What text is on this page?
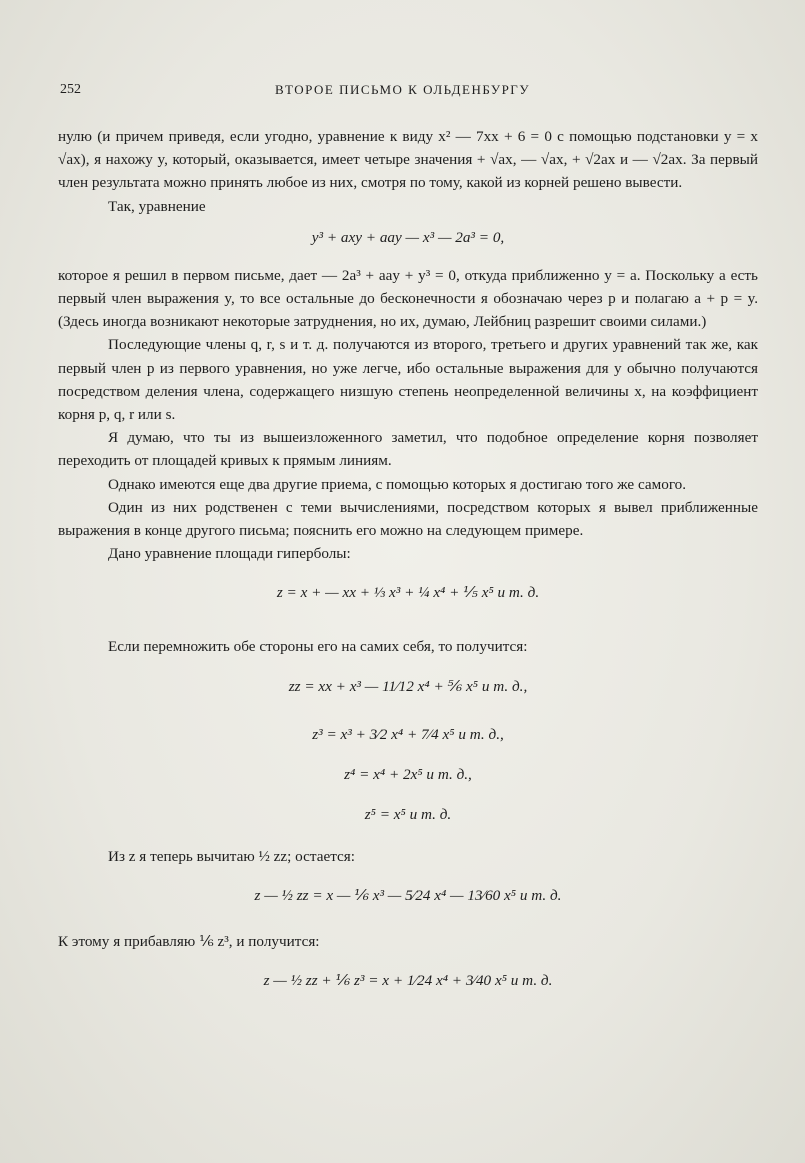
252	ВТОРОЕ ПИСЬМО К ОЛЬДЕНБУРГУ

нулю (и причем приведя, если угодно, уравнение к виду x² — 7xx + 6 = 0 с помощью подстановки y = x √ax), я нахожу y, который, оказывается, имеет четыре значения + √ax, — √ax, + √2ax и — √2ax. За первый член результата можно принять любое из них, смотря по тому, какой из корней решено вывести.

Так, уравнение

y³ + axy + aay — x³ — 2a³ = 0,

которое я решил в первом письме, дает — 2a³ + aay + y³ = 0, откуда приближенно y = a. Поскольку a есть первый член выражения y, то все остальные до бесконечности я обозначаю через p и полагаю a + p = y. (Здесь иногда возникают некоторые затруднения, но их, думаю, Лейбниц разрешит своими силами.)

Последующие члены q, r, s и т. д. получаются из второго, третьего и других уравнений так же, как первый член p из первого уравнения, но уже легче, ибо остальные выражения для y обычно получаются посредством деления члена, содержащего низшую степень неопределенной величины x, на коэффициент корня p, q, r или s.

Я думаю, что ты из вышеизложенного заметил, что подобное определение корня позволяет переходить от площадей кривых к прямым линиям.

Однако имеются еще два другие приема, с помощью которых я достигаю того же самого.

Один из них родственен с теми вычислениями, посредством которых я вывел приближенные выражения в конце другого письма; пояснить его можно на следующем примере.

Дано уравнение площади гиперболы:

z = x + — xx + ⅓ x³ + ¼ x⁴ + ⅕ x⁵ и т. д.

Если перемножить обе стороны его на самих себя, то получится:

zz = xx + x³ — 11⁄12 x⁴ + ⅚ x⁵ и т. д.,

z³ = x³ + 3⁄2 x⁴ + 7⁄4 x⁵ и т. д.,

z⁴ = x⁴ + 2x⁵ и т. д.,

z⁵ = x⁵ и т. д.

Из z я теперь вычитаю ½ zz; остается:

z — ½ zz = x — ⅙ x³ — 5⁄24 x⁴ — 13⁄60 x⁵ и т. д.

К этому я прибавляю ⅙ z³, и получится:

z — ½ zz + ⅙ z³ = x + 1⁄24 x⁴ + 3⁄40 x⁵ и т. д.
